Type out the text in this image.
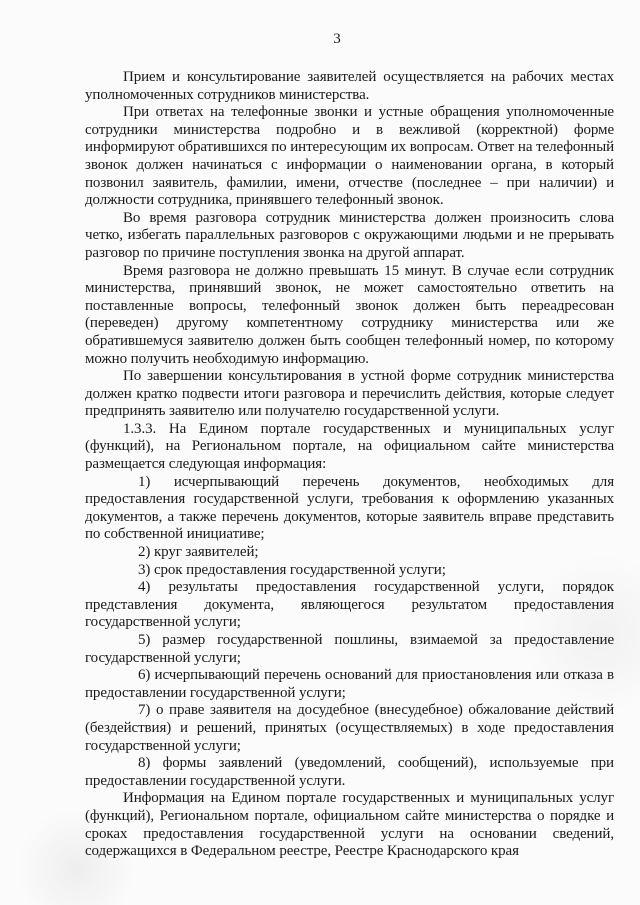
3

Прием и консультирование заявителей осуществляется на рабочих местах уполномоченных сотрудников министерства.

При ответах на телефонные звонки и устные обращения уполномоченные сотрудники министерства подробно и в вежливой (корректной) форме информируют обратившихся по интересующим их вопросам. Ответ на телефонный звонок должен начинаться с информации о наименовании органа, в который позвонил заявитель, фамилии, имени, отчестве (последнее – при наличии) и должности сотрудника, принявшего телефонный звонок.

Во время разговора сотрудник министерства должен произносить слова четко, избегать параллельных разговоров с окружающими людьми и не прерывать разговор по причине поступления звонка на другой аппарат.

Время разговора не должно превышать 15 минут. В случае если сотрудник министерства, принявший звонок, не может самостоятельно ответить на поставленные вопросы, телефонный звонок должен быть переадресован (переведен) другому компетентному сотруднику министерства или же обратившемуся заявителю должен быть сообщен телефонный номер, по которому можно получить необходимую информацию.

По завершении консультирования в устной форме сотрудник министерства должен кратко подвести итоги разговора и перечислить действия, которые следует предпринять заявителю или получателю государственной услуги.

1.3.3. На Едином портале государственных и муниципальных услуг (функций), на Региональном портале, на официальном сайте министерства размещается следующая информация:

1) исчерпывающий перечень документов, необходимых для предоставления государственной услуги, требования к оформлению указанных документов, а также перечень документов, которые заявитель вправе представить по собственной инициативе;

2) круг заявителей;

3) срок предоставления государственной услуги;

4) результаты предоставления государственной услуги, порядок представления документа, являющегося результатом предоставления государственной услуги;

5) размер государственной пошлины, взимаемой за предоставление государственной услуги;

6) исчерпывающий перечень оснований для приостановления или отказа в предоставлении государственной услуги;

7) о праве заявителя на досудебное (внесудебное) обжалование действий (бездействия) и решений, принятых (осуществляемых) в ходе предоставления государственной услуги;

8) формы заявлений (уведомлений, сообщений), используемые при предоставлении государственной услуги.

Информация на Едином портале государственных и муниципальных услуг (функций), Региональном портале, официальном сайте министерства о порядке и сроках предоставления государственной услуги на основании сведений, содержащихся в Федеральном реестре, Реестре Краснодарского края
